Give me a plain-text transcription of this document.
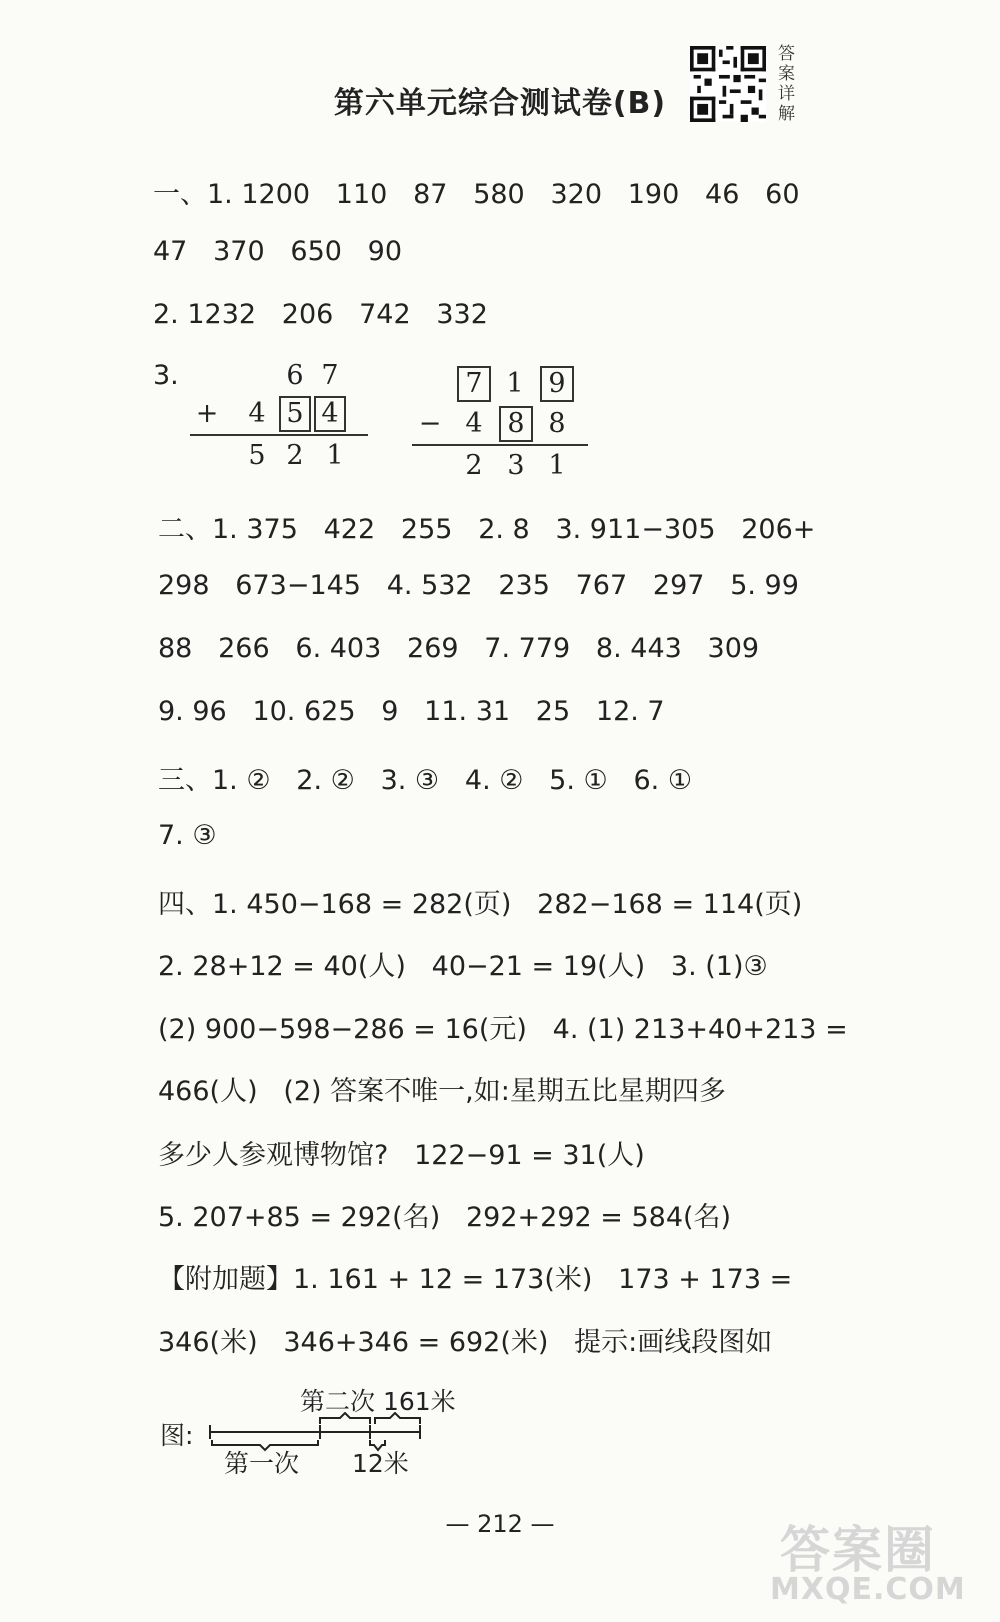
第六单元综合测试卷(B)
答案详解
一、1. 1200   110   87   580   320   190   46   60
47   370   650   90
2. 1232   206   742   332
3.	6 7
+ 4 5 4
5 2 1
7 1 9
− 4 8 8
2 3 1
二、1. 375   422   255   2. 8   3. 911−305   206+
298   673−145   4. 532   235   767   297   5. 99
88   266   6. 403   269   7. 779   8. 443   309
9. 96   10. 625   9   11. 31   25   12. 7
三、1. ②   2. ②   3. ③   4. ②   5. ①   6. ①
7. ③
四、1. 450−168 = 282(页)   282−168 = 114(页)
2. 28+12 = 40(人)   40−21 = 19(人)   3. (1)③
(2) 900−598−286 = 16(元)   4. (1) 213+40+213 =
466(人)   (2) 答案不唯一,如:星期五比星期四多
多少人参观博物馆?   122−91 = 31(人)
5. 207+85 = 292(名)   292+292 = 584(名)
【附加题】1. 161 + 12 = 173(米)   173 + 173 =
346(米)   346+346 = 692(米)   提示:画线段图如
图:
第二次 161米
第一次 12米
— 212 —	答案圈
MXQE.COM
